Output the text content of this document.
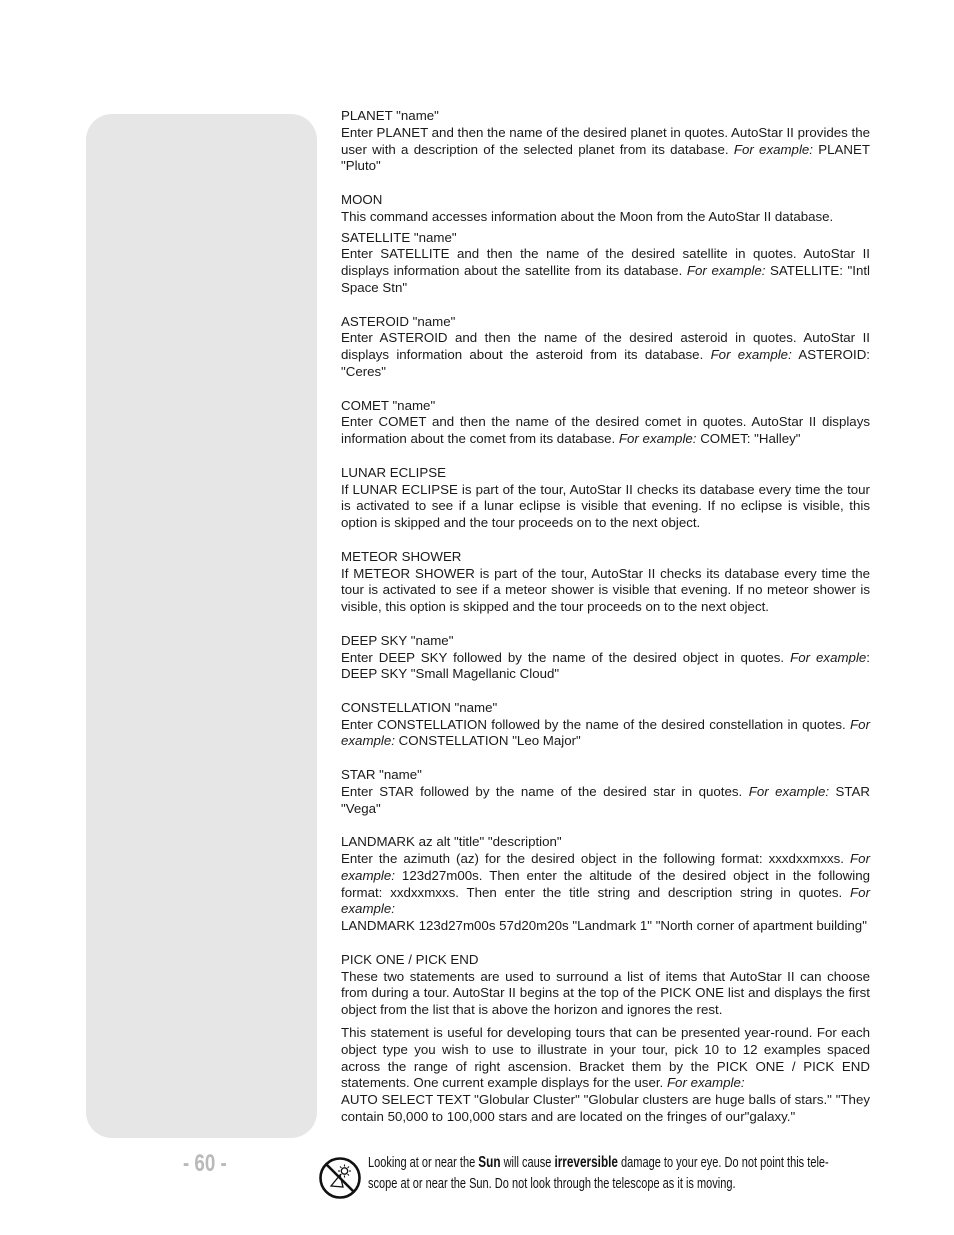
- 60 -
PLANET "name"
Enter PLANET and then the name of the desired planet in quotes. AutoStar II provides the user with a description of the selected planet from its database. For example: PLANET "Pluto"
MOON
This command accesses information about the Moon from the AutoStar II database.
SATELLITE "name"
Enter SATELLITE and then the name of the desired satellite in quotes. AutoStar II displays information about the satellite from its database. For example: SATELLITE: "Intl Space Stn"
ASTEROID "name"
Enter ASTEROID and then the name of the desired asteroid in quotes. AutoStar II displays information about the asteroid from its database. For example: ASTEROID: "Ceres"
COMET "name"
Enter COMET and then the name of the desired comet in quotes. AutoStar II displays information about the comet from its database. For example: COMET: "Halley"
LUNAR ECLIPSE
If LUNAR ECLIPSE is part of the tour, AutoStar II checks its database every time the tour is activated to see if a lunar eclipse is visible that evening. If no eclipse is visible, this option is skipped and the tour proceeds on to the next object.
METEOR SHOWER
If METEOR SHOWER is part of the tour, AutoStar II checks its database every time the tour is activated to see if a meteor shower is visible that evening. If no meteor shower is visible, this option is skipped and the tour proceeds on to the next object.
DEEP SKY "name"
Enter DEEP SKY followed by the name of the desired object in quotes. For example: DEEP SKY "Small Magellanic Cloud"
CONSTELLATION "name"
Enter CONSTELLATION followed by the name of the desired constellation in quotes. For example: CONSTELLATION "Leo Major"
STAR "name"
Enter STAR followed by the name of the desired star in quotes. For example: STAR "Vega"
LANDMARK az alt "title" "description"
Enter the azimuth (az) for the desired object in the following format: xxxdxxmxxs. For example: 123d27m00s. Then enter the altitude of the desired object in the following format: xxdxxmxxs. Then enter the title string and description string in quotes. For example:
LANDMARK 123d27m00s 57d20m20s "Landmark 1" "North corner of apartment building"
PICK ONE / PICK END

These two statements are used to surround a list of items that AutoStar II can choose from during a tour. AutoStar II begins at the top of the PICK ONE list and displays the first object from the list that is above the horizon and ignores the rest.

This statement is useful for developing tours that can be presented year-round. For each object type you wish to use to illustrate in your tour, pick 10 to 12 examples spaced across the range of right ascension. Bracket them by the PICK ONE / PICK END statements. One current example displays for the user. For example:
AUTO SELECT TEXT "Globular Cluster" "Globular clusters are huge balls of stars." "They contain 50,000 to 100,000 stars and are located on the fringes of our"galaxy."

Looking at or near the Sun will cause irreversible damage to your eye. Do not point this tele-
scope at or near the Sun. Do not look through the telescope as it is moving.
